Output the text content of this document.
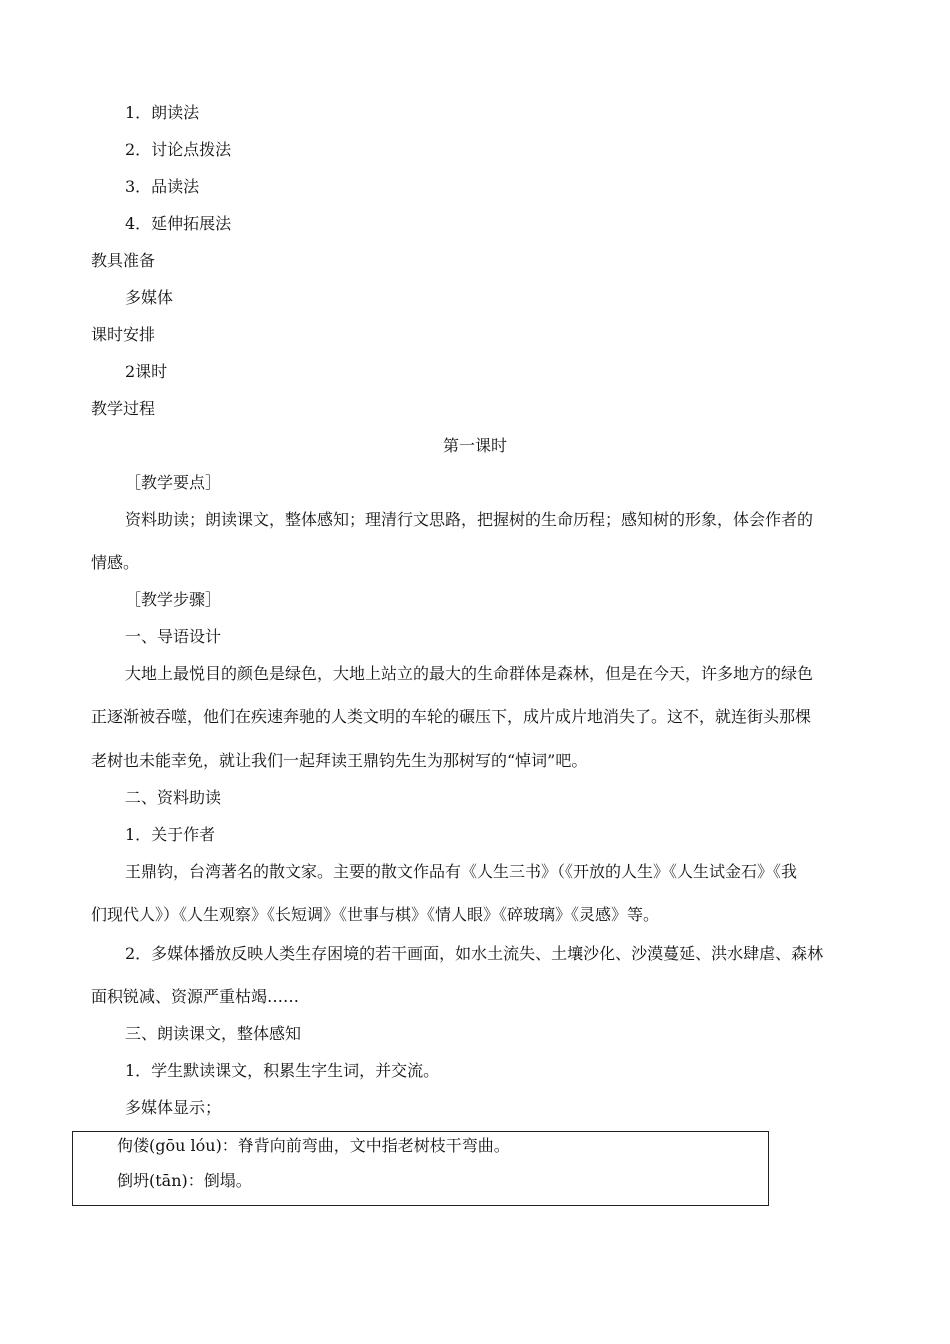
1．朗读法
2．讨论点拨法
3．品读法
4．延伸拓展法
教具准备
多媒体
课时安排
2课时
教学过程
第一课时
［教学要点］
资料助读；朗读课文，整体感知；理清行文思路，把握树的生命历程；感知树的形象，体会作者的
情感。
［教学步骤］
一、导语设计
大地上最悦目的颜色是绿色，大地上站立的最大的生命群体是森林，但是在今天，许多地方的绿色
正逐渐被吞噬，他们在疾速奔驰的人类文明的车轮的碾压下，成片成片地消失了。这不，就连街头那棵
老树也未能幸免，就让我们一起拜读王鼎钧先生为那树写的“悼词”吧。
二、资料助读
1．关于作者
王鼎钧，台湾著名的散文家。主要的散文作品有《人生三书》（《开放的人生》《人生试金石》《我
们现代人》）《人生观察》《长短调》《世事与棋》《情人眼》《碎玻璃》《灵感》等。
2．多媒体播放反映人类生存困境的若干画面，如水土流失、土壤沙化、沙漠蔓延、洪水肆虐、森林
面积锐减、资源严重枯竭……
三、朗读课文，整体感知
1．学生默读课文，积累生字生词，并交流。
多媒体显示；
佝偻(gōu lóu)：脊背向前弯曲，文中指老树枝干弯曲。
倒坍(tān)：倒塌。
